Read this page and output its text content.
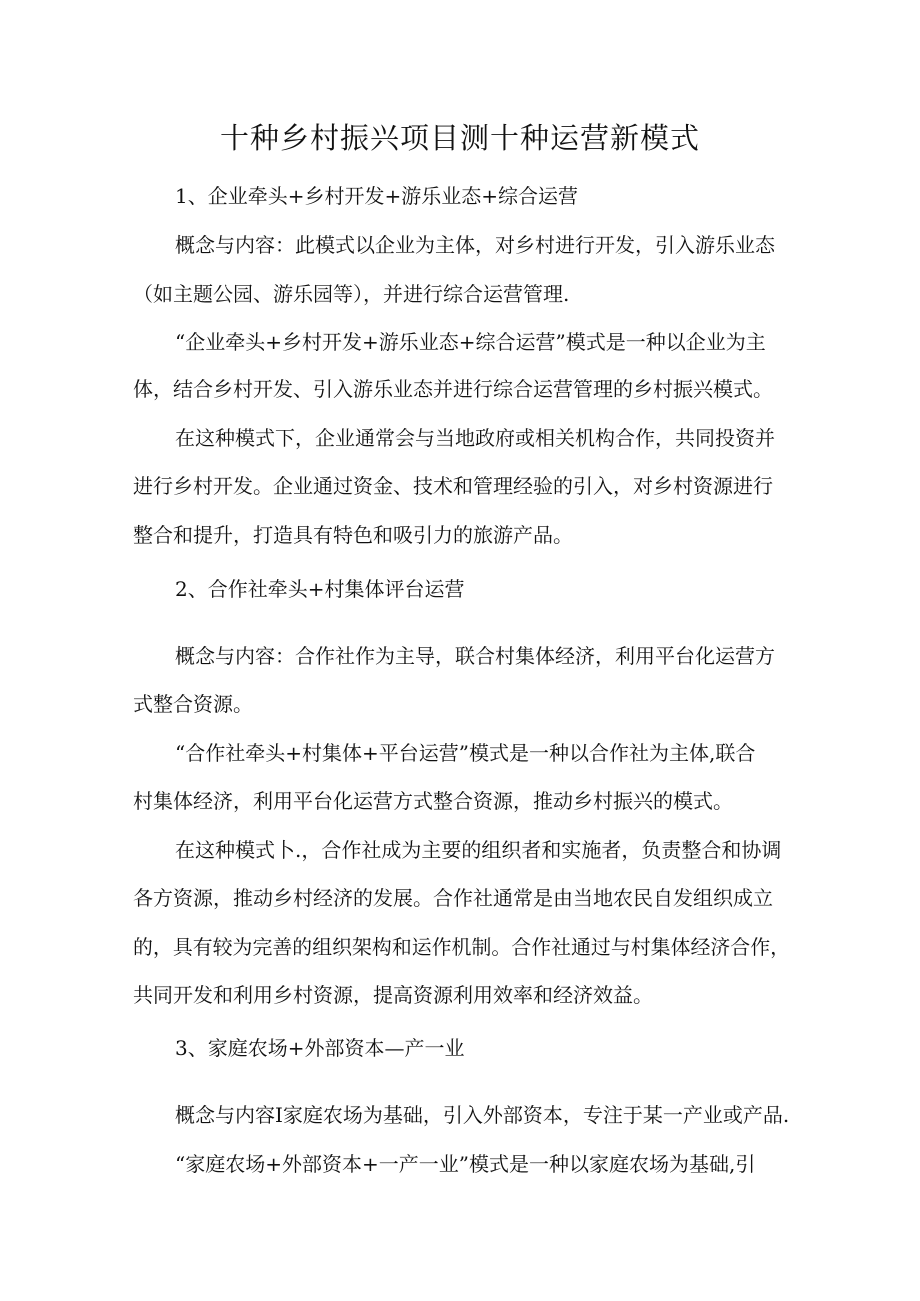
十种乡村振兴项目测十种运营新模式
1、企业牵头+乡村开发+游乐业态+综合运营
概念与内容：此模式以企业为主体，对乡村进行开发，引入游乐业态
（如主题公园、游乐园等），并进行综合运营管理.
“企业牵头+乡村开发+游乐业态+综合运营”模式是一种以企业为主
体，结合乡村开发、引入游乐业态并进行综合运营管理的乡村振兴模式。
在这种模式下，企业通常会与当地政府或相关机构合作，共同投资并
进行乡村开发。企业通过资金、技术和管理经验的引入，对乡村资源进行
整合和提升，打造具有特色和吸引力的旅游产品。
2、合作社牵头+村集体评台运营
概念与内容：合作社作为主导，联合村集体经济，利用平台化运营方
式整合资源。
“合作社牵头+村集体+平台运营”模式是一种以合作社为主体,联合
村集体经济，利用平台化运营方式整合资源，推动乡村振兴的模式。
在这种模式卜.，合作社成为主要的组织者和实施者，负责整合和协调
各方资源，推动乡村经济的发展。合作社通常是由当地农民自发组织成立
的，具有较为完善的组织架构和运作机制。合作社通过与村集体经济合作，
共同开发和利用乡村资源，提高资源利用效率和经济效益。
3、家庭农场+外部资本—产一业
概念与内容I家庭农场为基础，引入外部资本，专注于某一产业或产品.
“家庭农场+外部资本+一产一业”模式是一种以家庭农场为基础,引
